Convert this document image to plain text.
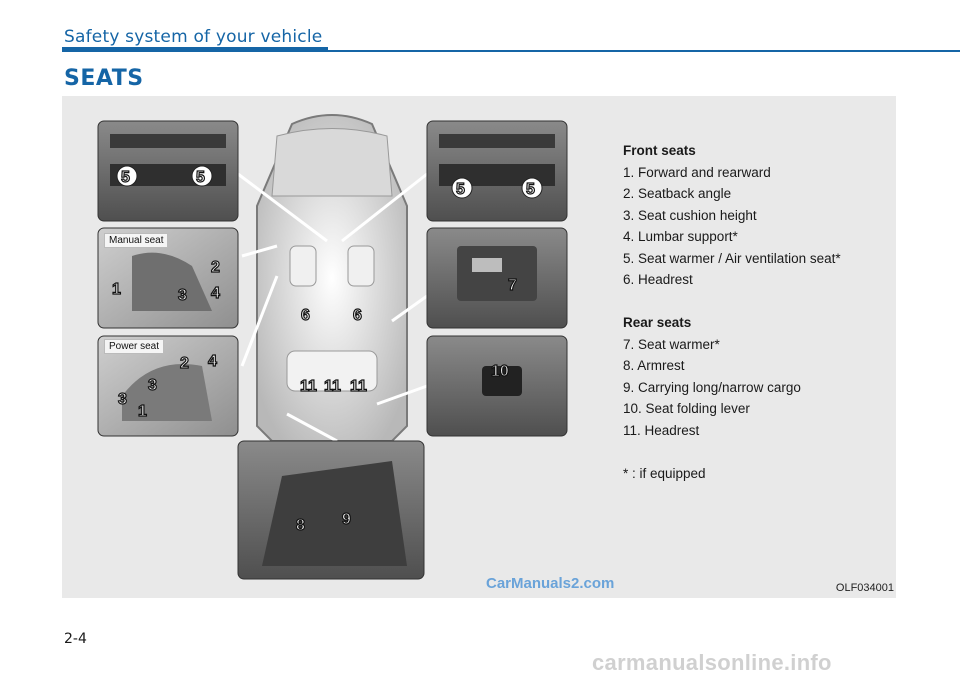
Safety system of your vehicle
SEATS
5	5
5	5
2
3 4
1
2 4
3
3
1
6	6
7
10
11 11 11
8 9
Manual seat
Power seat
Front seats
1. Forward and rearward
2. Seatback angle
3. Seat cushion height
4. Lumbar support*
5. Seat warmer / Air ventilation seat*
6. Headrest
Rear seats
7. Seat warmer*
8. Armrest
9. Carrying long/narrow cargo
10. Seat folding lever
11. Headrest
* : if equipped
CarManuals2.com	OLF034001
2-4
carmanualsonline.info
